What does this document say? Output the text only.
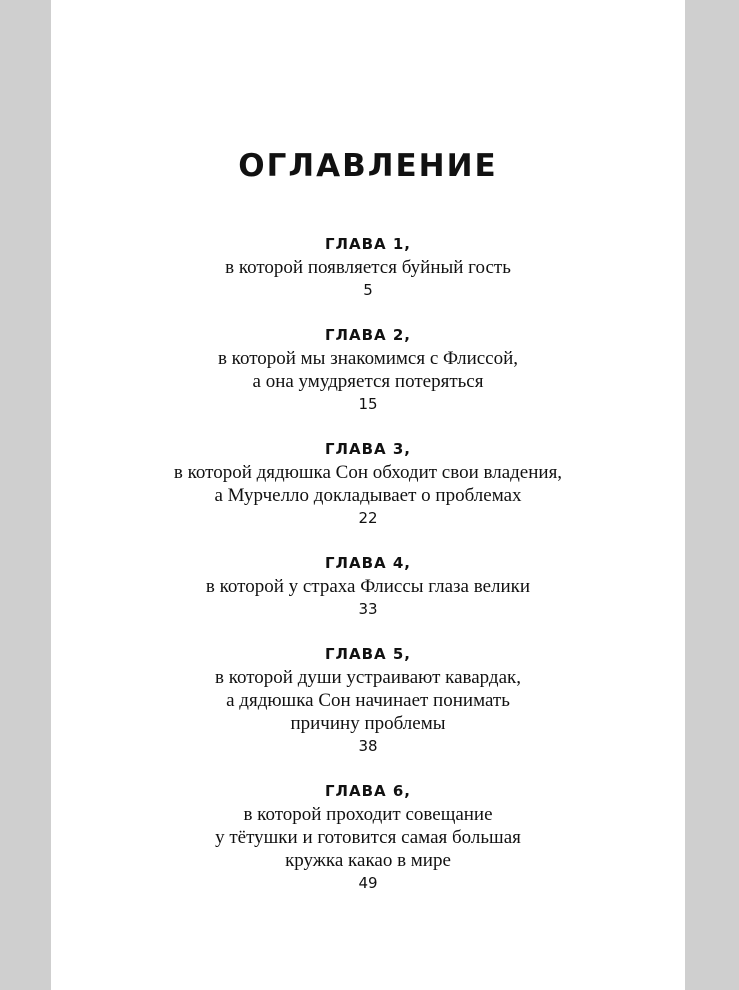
ОГЛАВЛЕНИЕ
ГЛАВА 1,
в которой появляется буйный гость
5
ГЛАВА 2,
в которой мы знакомимся с Флиссой,
а она умудряется потеряться
15
ГЛАВА 3,
в которой дядюшка Сон обходит свои владения,
а Мурчелло докладывает о проблемах
22
ГЛАВА 4,
в которой у страха Флиссы глаза велики
33
ГЛАВА 5,
в которой души устраивают кавардак,
а дядюшка Сон начинает понимать
причину проблемы
38
ГЛАВА 6,
в которой проходит совещание
у тётушки и готовится самая большая
кружка какао в мире
49
